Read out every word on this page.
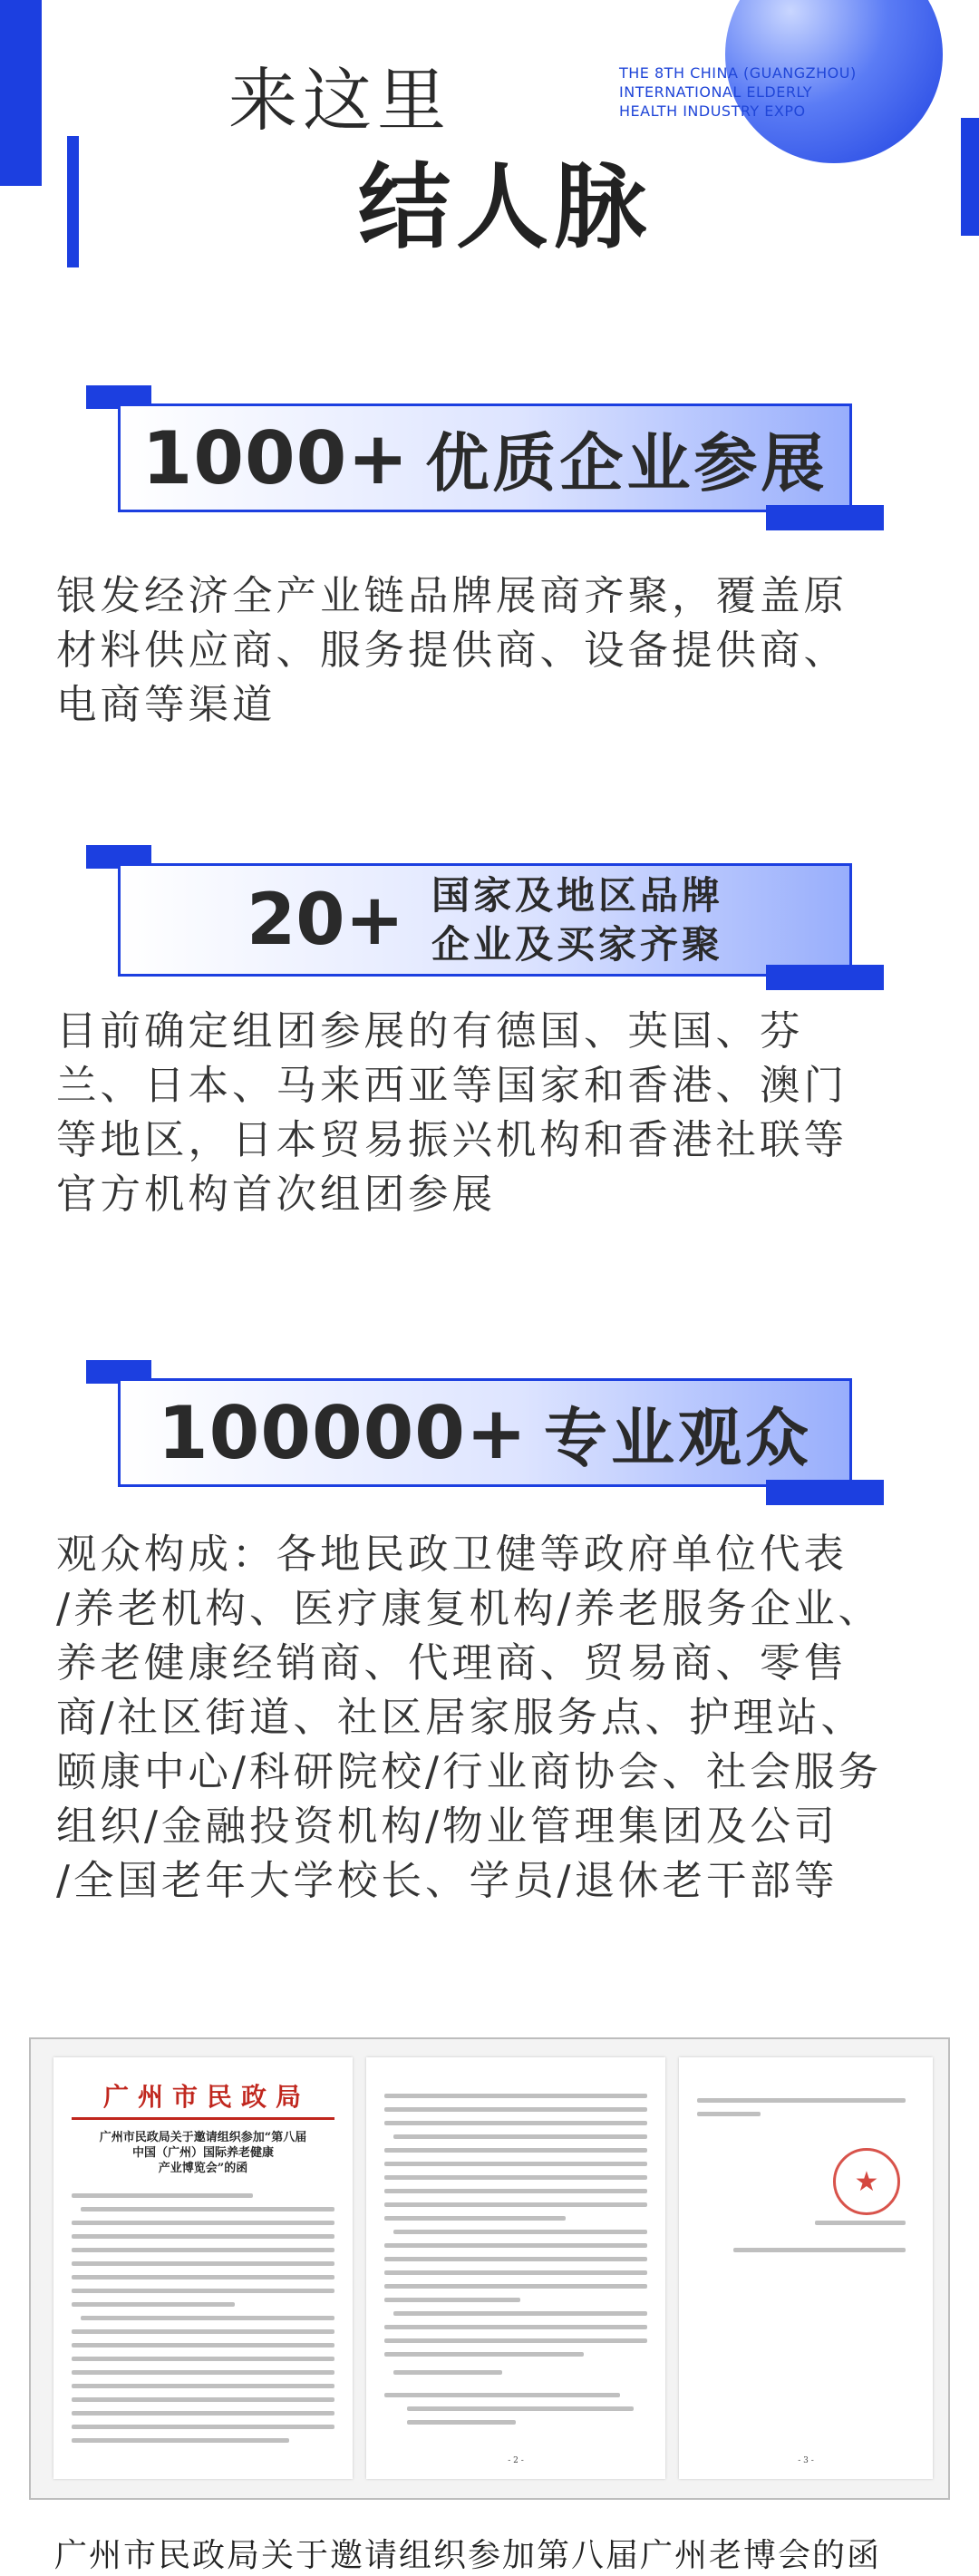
来这里
结人脉
THE 8TH CHINA (GUANGZHOU)
INTERNATIONAL ELDERLY
HEALTH INDUSTRY EXPO
1000+ 优质企业参展
银发经济全产业链品牌展商齐聚，覆盖原
材料供应商、服务提供商、设备提供商、
电商等渠道
20+ 国家及地区品牌
企业及买家齐聚
目前确定组团参展的有德国、英国、芬
兰、日本、马来西亚等国家和香港、澳门
等地区，日本贸易振兴机构和香港社联等
官方机构首次组团参展
100000+ 专业观众
观众构成：各地民政卫健等政府单位代表
/养老机构、医疗康复机构/养老服务企业、
养老健康经销商、代理商、贸易商、零售
商/社区街道、社区居家服务点、护理站、
颐康中心/科研院校/行业商协会、社会服务
组织/金融投资机构/物业管理集团及公司
/全国老年大学校长、学员/退休老干部等
广州市民政局
广州市民政局关于邀请组织参加“第八届
中国（广州）国际养老健康
产业博览会”的函
- 2 -
★
- 3 -
广州市民政局关于邀请组织参加第八届广州老博会的函
